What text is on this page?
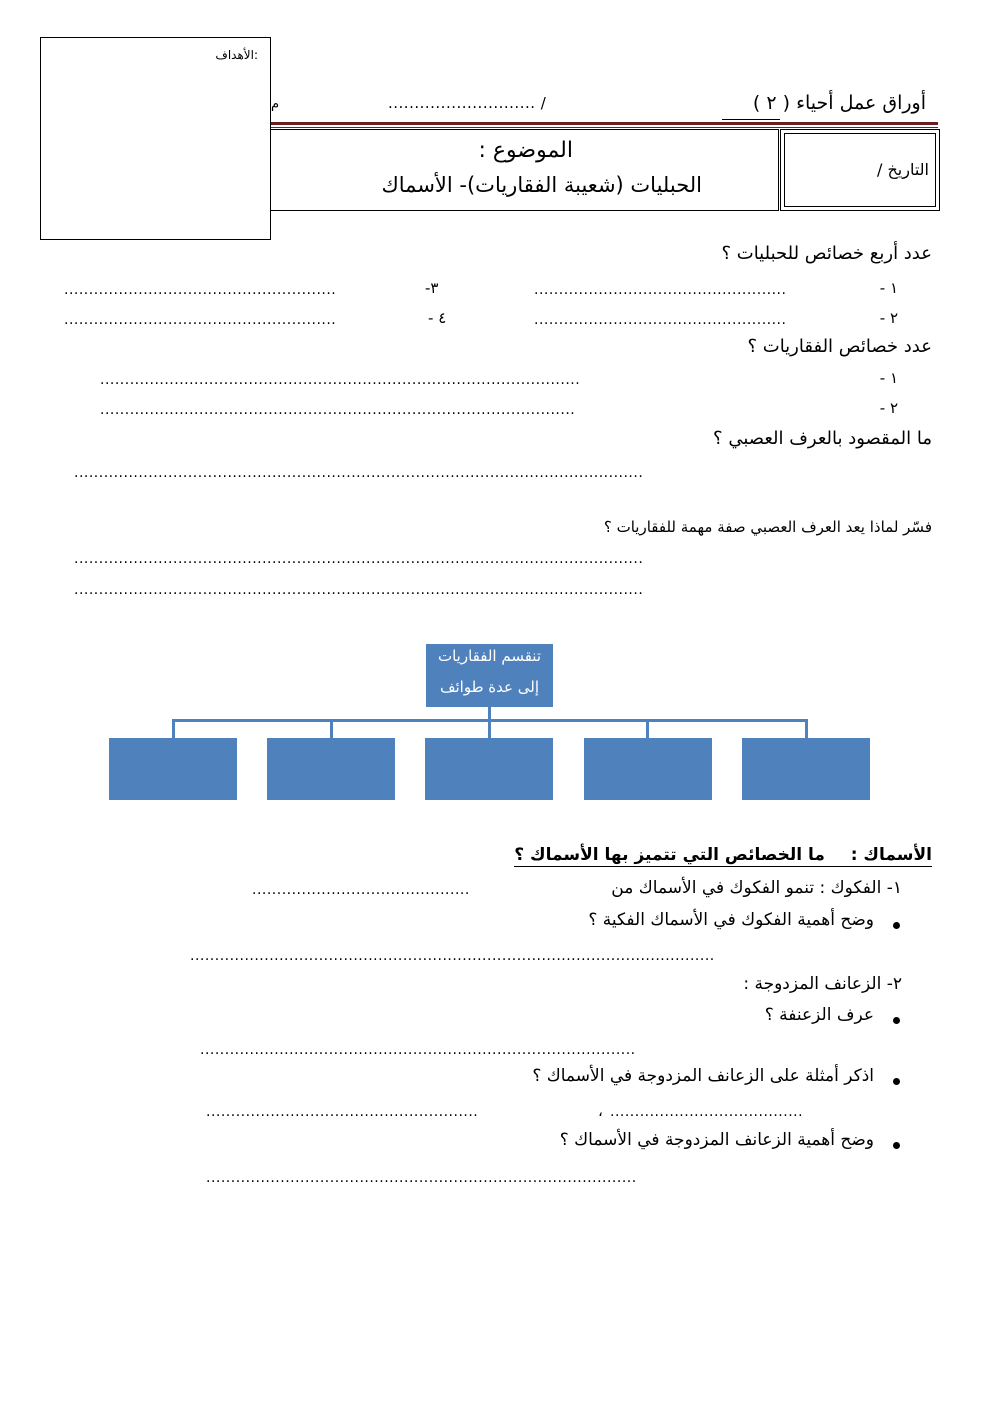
الأهداف:
أوراق عمل أحياء ( ٢ )
............................ /
م
الموضوع :
الحبليات (شعيبة الفقاريات)- الأسماك
التاريخ /
عدد أربع خصائص للحبليات ؟
١ -
...................................................
٢ -
...................................................
٣-
.......................................................
٤ -
.......................................................
عدد خصائص الفقاريات ؟
١ -
.................................................................................................
٢ -
................................................................................................
ما المقصود بالعرف العصبي ؟
...................................................................................................................
فسّر لماذا يعد العرف العصبي صفة مهمة للفقاريات ؟
...................................................................................................................
...................................................................................................................
تنقسم الفقاريات
إلى عدة طوائف
الأسماك :  ما الخصائص التي تتميز بها الأسماك ؟
١- الفكوك : تنمو الفكوك في الأسماك من
............................................
وضح أهمية الفكوك في الأسماك الفكية ؟
..........................................................................................................
٢- الزعانف المزدوجة :
عرف الزعنفة ؟
........................................................................................
اذكر أمثلة على الزعانف المزدوجة في الأسماك ؟
.......................................
،
.......................................................
وضح أهمية الزعانف المزدوجة في الأسماك ؟
.......................................................................................
